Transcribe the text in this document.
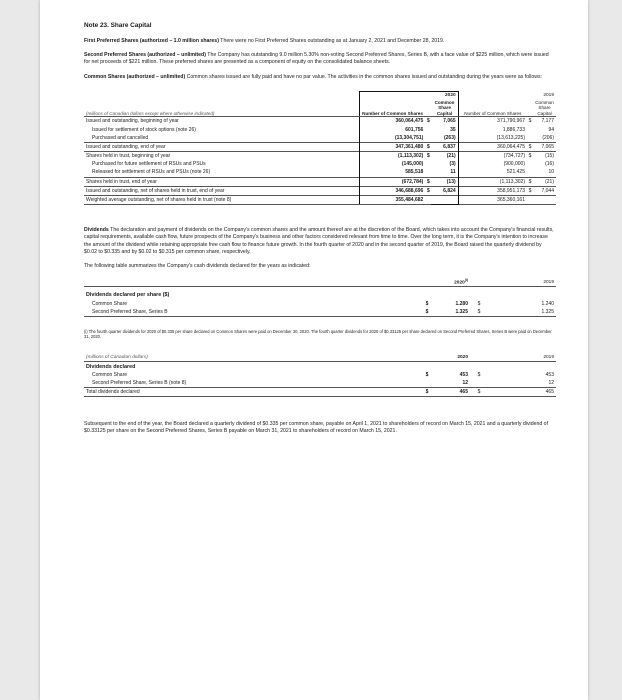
Note 23. Share Capital

First Preferred Shares (authorized – 1.0 million shares) There were no First Preferred Shares outstanding as at January 2, 2021 and December 28, 2019.

Second Preferred Shares (authorized – unlimited) The Company has outstanding 9.0 million 5.30% non-voting Second Preferred Shares, Series B, with a face value of $225 million, which were issued for net proceeds of $221 million. These preferred shares are presented as a component of equity on the consolidated balance sheets.

Common Shares (authorized – unlimited) Common shares issued are fully paid and have no par value. The activities in the common shares issued and outstanding during the years were as follows:

	2020			2019		
(millions of Canadian dollars except where otherwise indicated)	Number of Common Shares		Common Share Capital	Number of Common Shares		Common Share Capital
Issued and outstanding, beginning of year	360,064,475	$	7,065	371,790,967	$	7,177
Issued for settlement of stock options (note 26)	601,756		35	1,886,733		94
Purchased and cancelled	(13,304,751)		(263)	(13,613,225)		(206)
Issued and outstanding, end of year	347,361,480	$	6,837	360,064,475	$	7,065
Shares held in trust, beginning of year	(1,113,302)	$	(21)	(734,727)	$	(15)
Purchased for future settlement of RSUs and PSUs	(145,000)		(3)	(900,000)		(16)
Released for settlement of RSUs and PSUs (note 26)	585,518		11	521,425		10
Shares held in trust, end of year	(672,784)	$	(13)	(1,113,302)	$	(21)
Issued and outstanding, net of shares held in trust, end of year	346,688,696	$	6,824	358,951,173	$	7,044
Weighted average outstanding, net of shares held in trust (note 8)	355,484,682			365,360,161		

Dividends The declaration and payment of dividends on the Company's common shares and the amount thereof are at the discretion of the Board, which takes into account the Company's financial results, capital requirements, available cash flow, future prospects of the Company's business and other factors considered relevant from time to time. Over the long term, it is the Company's intention to increase the amount of the dividend while retaining appropriate free cash flow to finance future growth. In the fourth quarter of 2020 and in the second quarter of 2019, the Board raised the quarterly dividend by $0.02 to $0.335 and by $0.02 to $0.315 per common share, respectively.

The following table summarizes the Company's cash dividends declared for the years as indicated:

		2020$^{(i)}$			2019
Dividends declared per share ($)					
Common Share	$	1.280		$	1.240
Second Preferred Share, Series B	$	1.325		$	1.325

(i) The fourth quarter dividends for 2020 of $0.335 per share declared on Common Shares were paid on December 30, 2020. The fourth quarter dividends for 2020 of $0.33125 per share declared on Second Preferred Shares, Series B were paid on December 31, 2020.

(millions of Canadian dollars)		2020			2019
Dividends declared					
Common Share	$	453		$	453
Second Preferred Share, Series B (note 8)		12			12
Total dividends declared	$	465		$	465

Subsequent to the end of the year, the Board declared a quarterly dividend of $0.335 per common share, payable on April 1, 2021 to shareholders of record on March 15, 2021 and a quarterly dividend of $0.33125 per share on the Second Preferred Shares, Series B payable on March 31, 2021 to shareholders of record on March 15, 2021.
